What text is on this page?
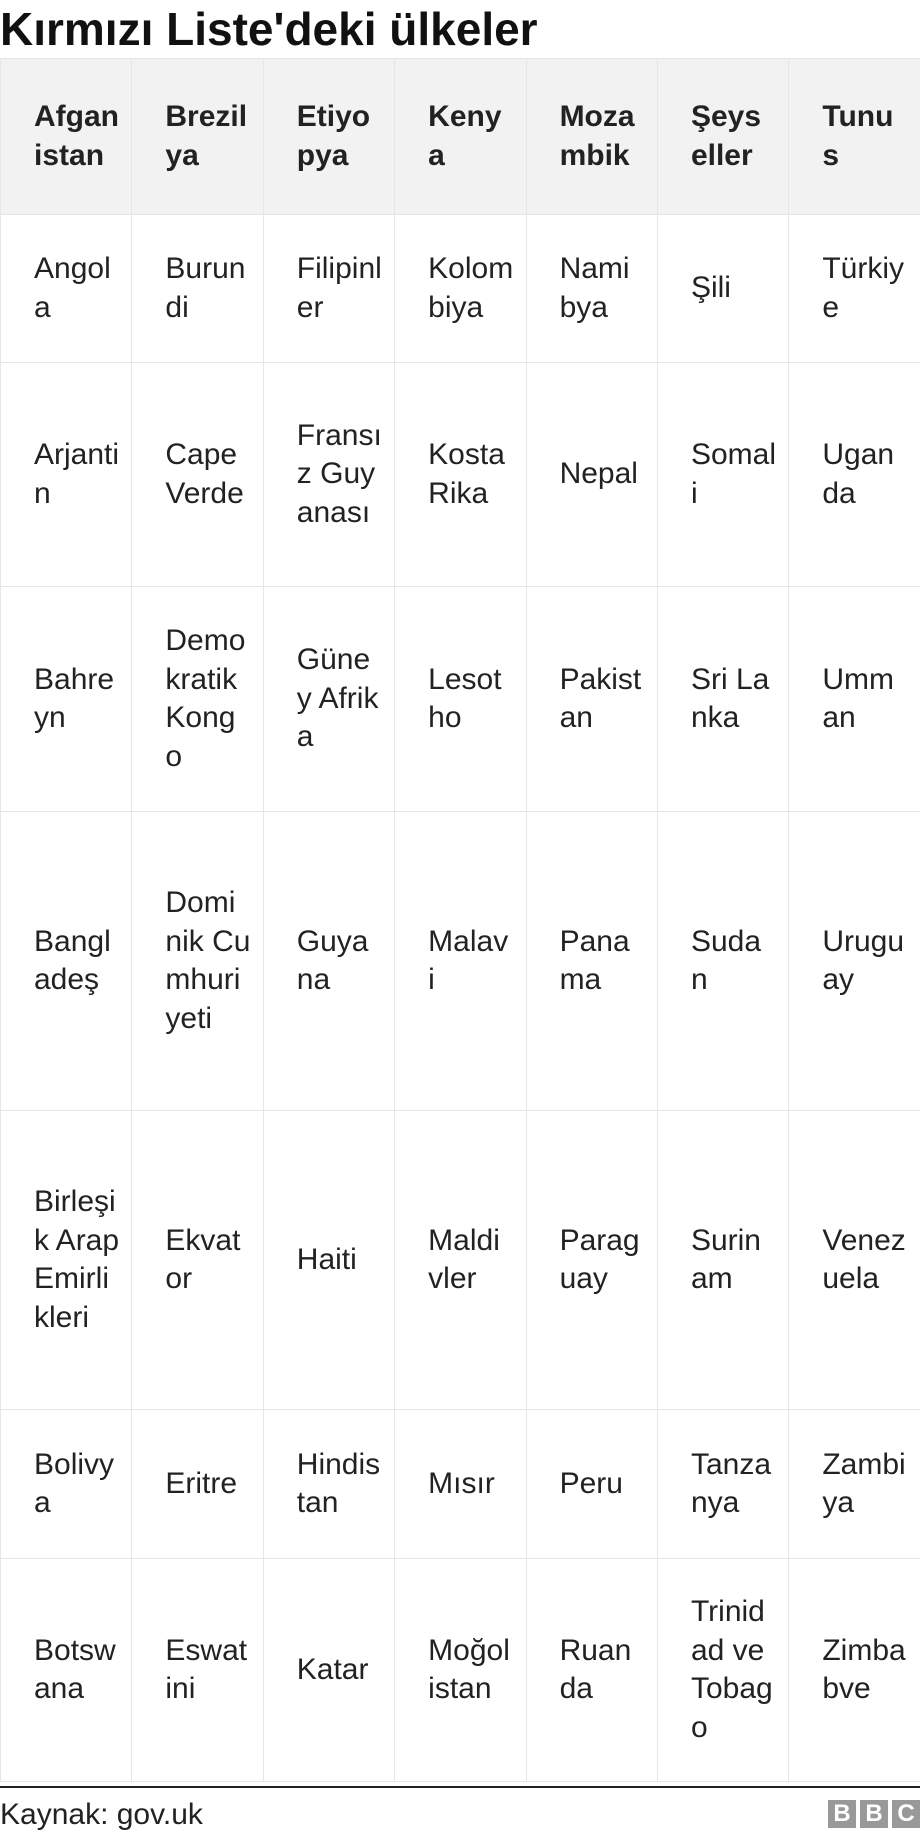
Kırmızı Liste'deki ülkeler
Afganistan	Brezilya	Etiyopya	Kenya	Mozambik	Şeyseller	Tunus
Angola	Burundi	Filipinler	Kolombiya	Namibya	Şili	Türkiye
Arjantin	Cape Verde	Fransız Guyanası	Kosta Rika	Nepal	Somali	Uganda
Bahreyn	Demokratik Kongo	Güney Afrika	Lesotho	Pakistan	Sri Lanka	Umman
Bangladeş	Dominik Cumhuriyeti	Guyana	Malavi	Panama	Sudan	Uruguay
Birleşik Arap Emirlikleri	Ekvator	Haiti	Maldivler	Paraguay	Surinam	Venezuela
Bolivya	Eritre	Hindistan	Mısır	Peru	Tanzanya	Zambiya
Botswana	Eswatini	Katar	Moğolistan	Ruanda	Trinidad ve Tobago	Zimbabve
Kaynak: gov.uk	B B C
